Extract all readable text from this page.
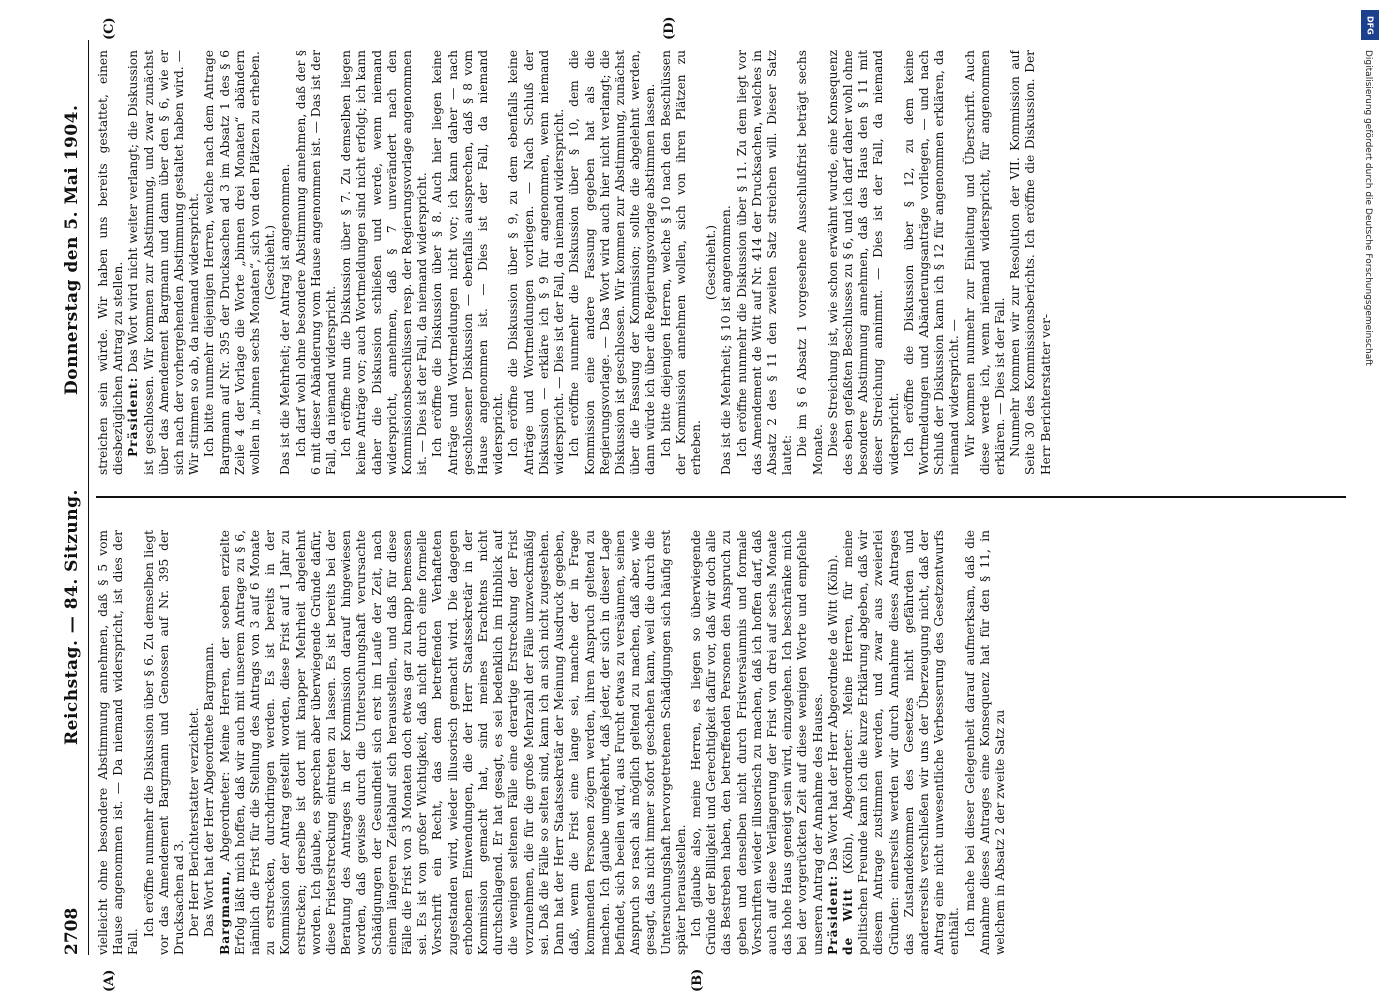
2708
Reichstag. — 84. Sitzung.
Donnerstag den 5. Mai 1904.
(A)	(B)
(D)
(C)

vielleicht ohne besondere Abstimmung annehmen, daß § 5 vom Hause angenommen ist. — Da niemand widerspricht, ist dies der Fall.

Ich eröffne nunmehr die Diskussion über § 6. Zu demselben liegt vor das Amendement Bargmann und Genossen auf Nr. 395 der Drucksachen ad 3. Der Herr Berichterstatter verzichtet. Das Wort hat der Herr Abgeordnete Bargmann. Bargmann, Abgeordneter: Meine Herren, der soeben erzielte Erfolg läßt mich hoffen, daß wir auch mit unserem Antrage zu § 6, nämlich die Frist für die Stellung des Antrags von 3 auf 6 Monate zu erstrecken, durchdringen werden. Es ist bereits in der Kommission der Antrag gestellt worden, diese Frist auf 1 Jahr zu erstrecken; derselbe ist dort mit knapper Mehrheit abgelehnt worden. Ich glaube, es sprechen aber überwiegende Gründe dafür, diese Fristerstreckung eintreten zu lassen. Es ist bereits bei der Beratung des Antrages in der Kommission darauf hingewiesen worden, daß gewisse durch die Untersuchungshaft verursachte Schädigungen der Gesundheit sich erst im Laufe der Zeit, nach einem längeren Zeitablauf sich herausstellen, und daß für diese Fälle die Frist von 3 Monaten doch etwas gar zu knapp bemessen sei. Es ist von großer Wichtigkeit, daß nicht durch eine formelle Vorschrift ein Recht, das dem betreffenden Verhafteten zugestanden wird, wieder illusorisch gemacht wird. Die dagegen erhobenen Einwendungen, die der Herr Staatssekretär in der Kommission gemacht hat, sind meines Erachtens nicht durchschlagend. Er hat gesagt, es sei bedenklich im Hinblick auf die wenigen seltenen Fälle eine derartige Erstreckung der Frist vorzunehmen, die für die große Mehrzahl der Fälle unzweckmäßig sei. Daß die Fälle so selten sind, kann ich an sich nicht zugestehen. Dann hat der Herr Staatssekretär der Meinung Ausdruck gegeben, daß, wenn die Frist eine lange sei, manche der in Frage kommenden Personen zögern werden, ihren Anspruch geltend zu machen. Ich glaube umgekehrt, daß jeder, der sich in dieser Lage befindet, sich beeilen wird, aus Furcht etwas zu versäumen, seinen Anspruch so rasch als möglich geltend zu machen, daß aber, wie gesagt, das nicht immer sofort geschehen kann, weil die durch die Untersuchungshaft hervorgetretenen Schädigungen sich häufig erst später herausstellen. Ich glaube also, meine Herren, es liegen so überwiegende Gründe der Billigkeit und Gerechtigkeit dafür vor, daß wir doch alle das Bestreben haben, den betreffenden Personen den Anspruch zu geben und denselben nicht durch Fristversäumnis und formale Vorschriften wieder illusorisch zu machen, daß ich hoffen darf, daß auch auf diese Verlängerung der Frist von drei auf sechs Monate das hohe Haus geneigt sein wird, einzugehen. Ich beschränke mich bei der vorgerückten Zeit auf diese wenigen Worte und empfehle unseren Antrag der Annahme des Hauses. Präsident: Das Wort hat der Herr Abgeordnete de Witt (Köln).

de Witt (Köln), Abgeordneter: Meine Herren, für meine politischen Freunde kann ich die kurze Erklärung abgeben, daß wir diesem Antrage zustimmen werden, und zwar aus zweierlei Gründen: einerseits werden wir durch Annahme dieses Antrages das Zustandekommen des Gesetzes nicht gefährden und andererseits verschließen wir uns der Überzeugung nicht, daß der Antrag eine nicht unwesentliche Verbesserung des Gesetzentwurfs enthält. Ich mache bei dieser Gelegenheit darauf aufmerksam, daß die Annahme dieses Antrages eine Konsequenz hat für den § 11, in welchem in Absatz 2 der zweite Satz zu

streichen sein würde. Wir haben uns bereits gestattet, einen diesbezüglichen Antrag zu stellen. Präsident: Das Wort wird nicht weiter verlangt; die Diskussion ist geschlossen. Wir kommen zur Abstimmung, und zwar zunächst über das Amendement Bargmann und dann über den § 6, wie er sich nach der vorhergehenden Abstimmung gestaltet haben wird. — Wir stimmen so ab, da niemand widerspricht. Ich bitte nunmehr diejenigen Herren, welche nach dem Antrage Bargmann auf Nr. 395 der Drucksachen ad 3 im Absatz 1 des § 6 Zeile 4 der Vorlage die Worte „binnen drei Monaten“ abändern wollen in „binnen sechs Monaten“, sich von den Plätzen zu erheben. (Geschieht.) Das ist die Mehrheit; der Antrag ist angenommen. Ich darf wohl ohne besondere Abstimmung annehmen, daß der § 6 mit dieser Abänderung vom Hause angenommen ist. — Das ist der Fall, da niemand widerspricht. Ich eröffne nun die Diskussion über § 7. Zu demselben liegen keine Anträge vor; auch Wortmeldungen sind nicht erfolgt; ich kann daher die Diskussion schließen und werde, wenn niemand widerspricht, annehmen, daß § 7 unverändert nach den Kommissionsbeschlüssen resp. der Regierungsvorlage angenommen ist. — Dies ist der Fall, da niemand widerspricht. Ich eröffne die Diskussion über § 8. Auch hier liegen keine Anträge und Wortmeldungen nicht vor; ich kann daher — nach geschlossener Diskussion — ebenfalls aussprechen, daß § 8 vom Hause angenommen ist. — Dies ist der Fall, da niemand widerspricht. Ich eröffne die Diskussion über § 9, zu dem ebenfalls keine Anträge und Wortmeldungen vorliegen. — Nach Schluß der Diskussion — erkläre ich § 9 für angenommen, wenn niemand widerspricht. — Dies ist der Fall, da niemand widerspricht. Ich eröffne nunmehr die Diskussion über § 10, dem die Kommission eine andere Fassung gegeben hat als die Regierungsvorlage. — Das Wort wird auch hier nicht verlangt; die Diskussion ist geschlossen. Wir kommen zur Abstimmung, zunächst über die Fassung der Kommission; sollte die abgelehnt werden, dann würde ich über die Regierungsvorlage abstimmen lassen. Ich bitte diejenigen Herren, welche § 10 nach den Beschlüssen der Kommission annehmen wollen, sich von ihren Plätzen zu erheben.

(Geschieht.) Das ist die Mehrheit; § 10 ist angenommen. Ich eröffne nunmehr die Diskussion über § 11. Zu dem liegt vor das Amendement de Witt auf Nr. 414 der Drucksachen, welches in Absatz 2 des § 11 den zweiten Satz streichen will. Dieser Satz lautet: Die im § 6 Absatz 1 vorgesehene Ausschlußfrist beträgt sechs Monate. Diese Streichung ist, wie schon erwähnt wurde, eine Konsequenz des eben gefaßten Beschlusses zu § 6, und ich darf daher wohl ohne besondere Abstimmung annehmen, daß das Haus den § 11 mit dieser Streichung annimmt. — Dies ist der Fall, da niemand widerspricht. Ich eröffne die Diskussion über § 12, zu dem keine Wortmeldungen und Abänderungsanträge vorliegen, — und nach Schluß der Diskussion kann ich § 12 für angenommen erklären, da niemand widerspricht. — Wir kommen nunmehr zur Einleitung und Überschrift. Auch diese werde ich, wenn niemand widerspricht, für angenommen erklären. — Dies ist der Fall. Nunmehr kommen wir zur Resolution der VII. Kommission auf Seite 30 des Kommissionsberichts. Ich eröffne die Diskussion. Der Herr Berichterstatter ver-

DFG
Digitalisierung gefördert durch die Deutsche Forschungsgemeinschaft
